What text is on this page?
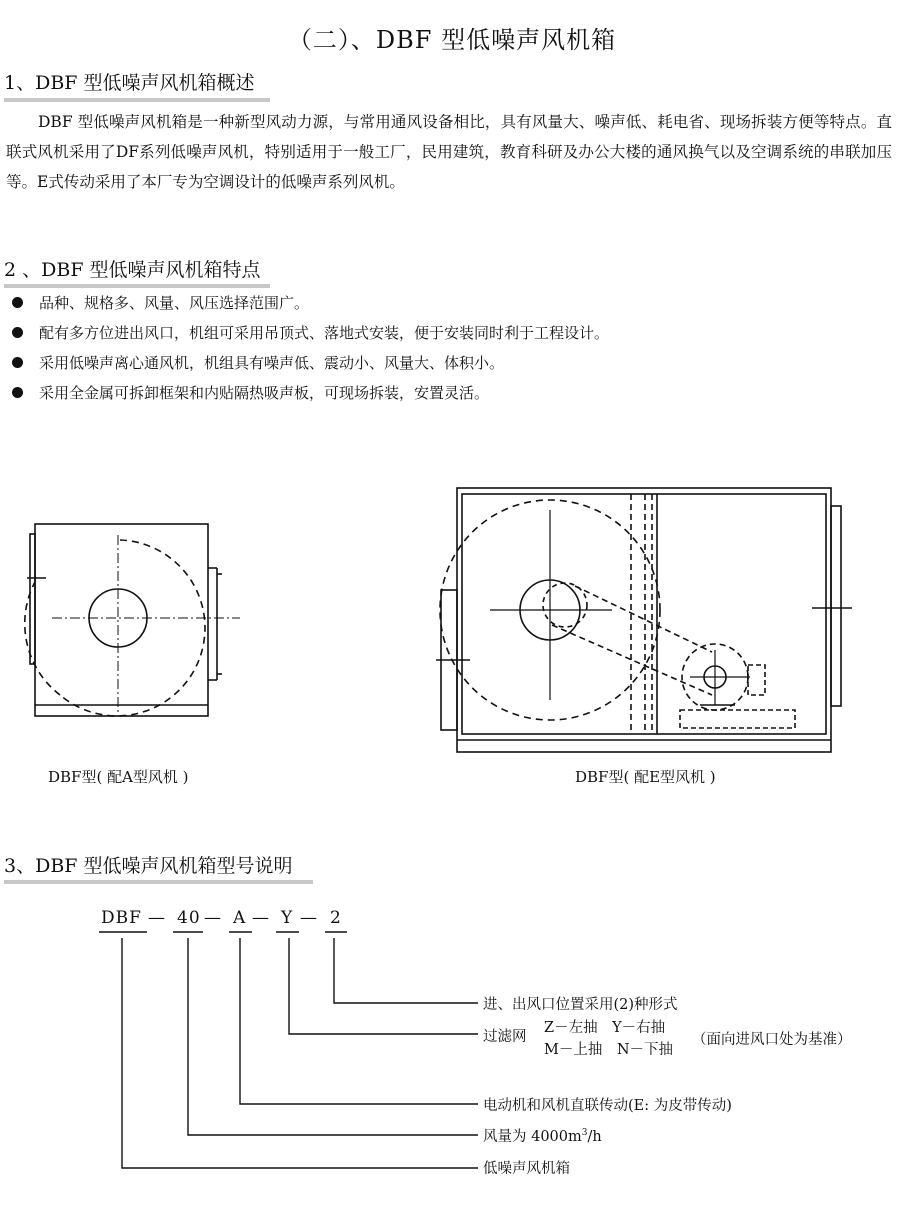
（二）、DBF 型低噪声风机箱
1、DBF 型低噪声风机箱概述
DBF 型低噪声风机箱是一种新型风动力源，与常用通风设备相比，具有风量大、噪声低、耗电省、现场拆装方便等特点。直联式风机采用了DF系列低噪声风机，特别适用于一般工厂，民用建筑，教育科研及办公大楼的通风换气以及空调系统的串联加压等。E式传动采用了本厂专为空调设计的低噪声系列风机。
2 、DBF 型低噪声风机箱特点
品种、规格多、风量、风压选择范围广。
配有多方位进出风口，机组可采用吊顶式、落地式安装，便于安装同时利于工程设计。
采用低噪声离心通风机，机组具有噪声低、震动小、风量大、体积小。
采用全金属可拆卸框架和内贴隔热吸声板，可现场拆装，安置灵活。
DBF型( 配A型风机 )	DBF型( 配E型风机 )
3、DBF 型低噪声风机箱型号说明
DBF — 40 — A — Y — 2
进、出风口位置采用(2)种形式
过滤网
Z－左抽　Y－右抽
M－上抽　N－下抽
（面向进风口处为基准）
电动机和风机直联传动(E: 为皮带传动)
风量为 $4000m^3/h$
低噪声风机箱
